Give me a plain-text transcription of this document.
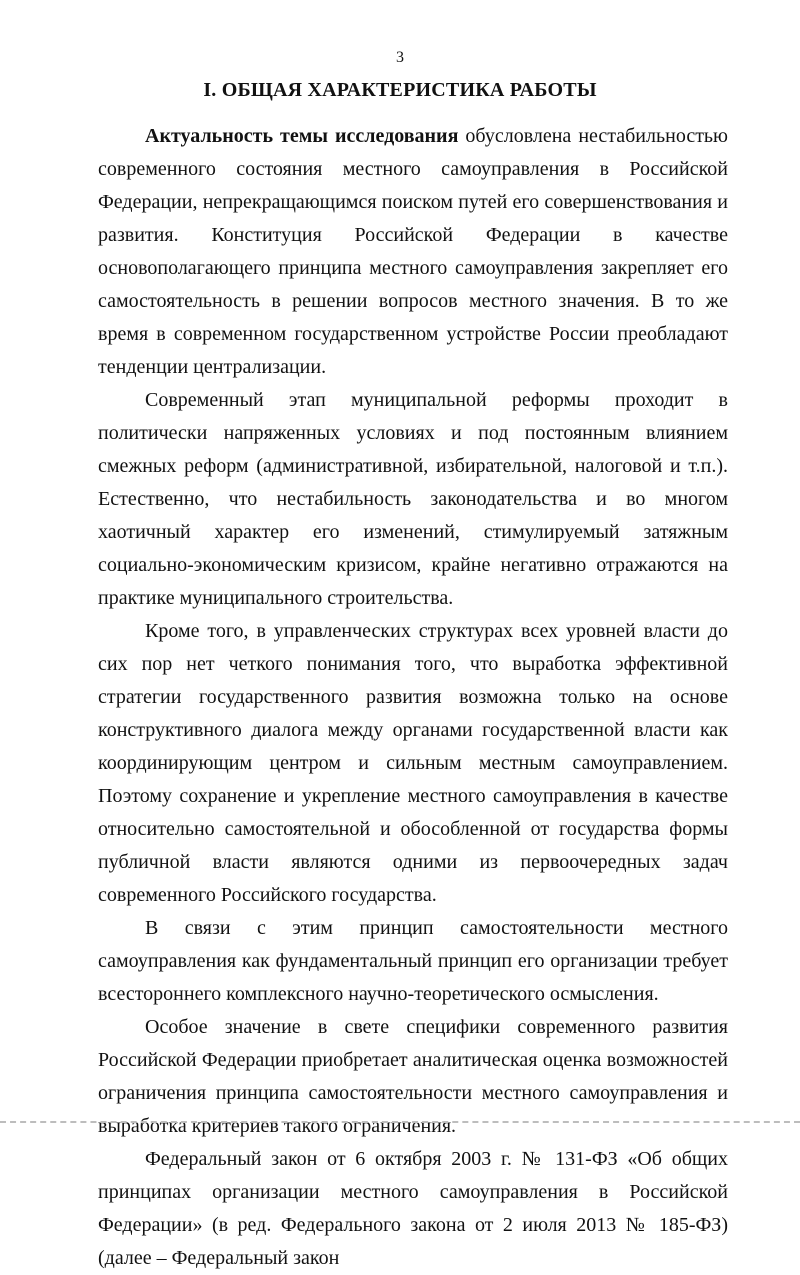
3
I. ОБЩАЯ ХАРАКТЕРИСТИКА РАБОТЫ

Актуальность темы исследования обусловлена нестабильностью современного состояния местного самоуправления в Российской Федерации, непрекращающимся поиском путей его совершенствования и развития. Конституция Российской Федерации в качестве основополагающего принципа местного самоуправления закрепляет его самостоятельность в решении вопросов местного значения. В то же время в современном государственном устройстве России преобладают тенденции централизации.

Современный этап муниципальной реформы проходит в политически напряженных условиях и под постоянным влиянием смежных реформ (административной, избирательной, налоговой и т.п.). Естественно, что нестабильность законодательства и во многом хаотичный характер его изменений, стимулируемый затяжным социально-экономическим кризисом, крайне негативно отражаются на практике муниципального строительства.

Кроме того, в управленческих структурах всех уровней власти до сих пор нет четкого понимания того, что выработка эффективной стратегии государственного развития возможна только на основе конструктивного диалога между органами государственной власти как координирующим центром и сильным местным самоуправлением. Поэтому сохранение и укрепление местного самоуправления в качестве относительно самостоятельной и обособленной от государства формы публичной власти являются одними из первоочередных задач современного Российского государства.

В связи с этим принцип самостоятельности местного самоуправления как фундаментальный принцип его организации требует всестороннего комплексного научно-теоретического осмысления.

Особое значение в свете специфики современного развития Российской Федерации приобретает аналитическая оценка возможностей ограничения принципа самостоятельности местного самоуправления и выработка критериев такого ограничения.

Федеральный закон от 6 октября 2003 г. № 131-ФЗ «Об общих принципах организации местного самоуправления в Российской Федерации» (в ред. Федерального закона от 2 июля 2013 № 185-ФЗ) (далее – Федеральный закон
